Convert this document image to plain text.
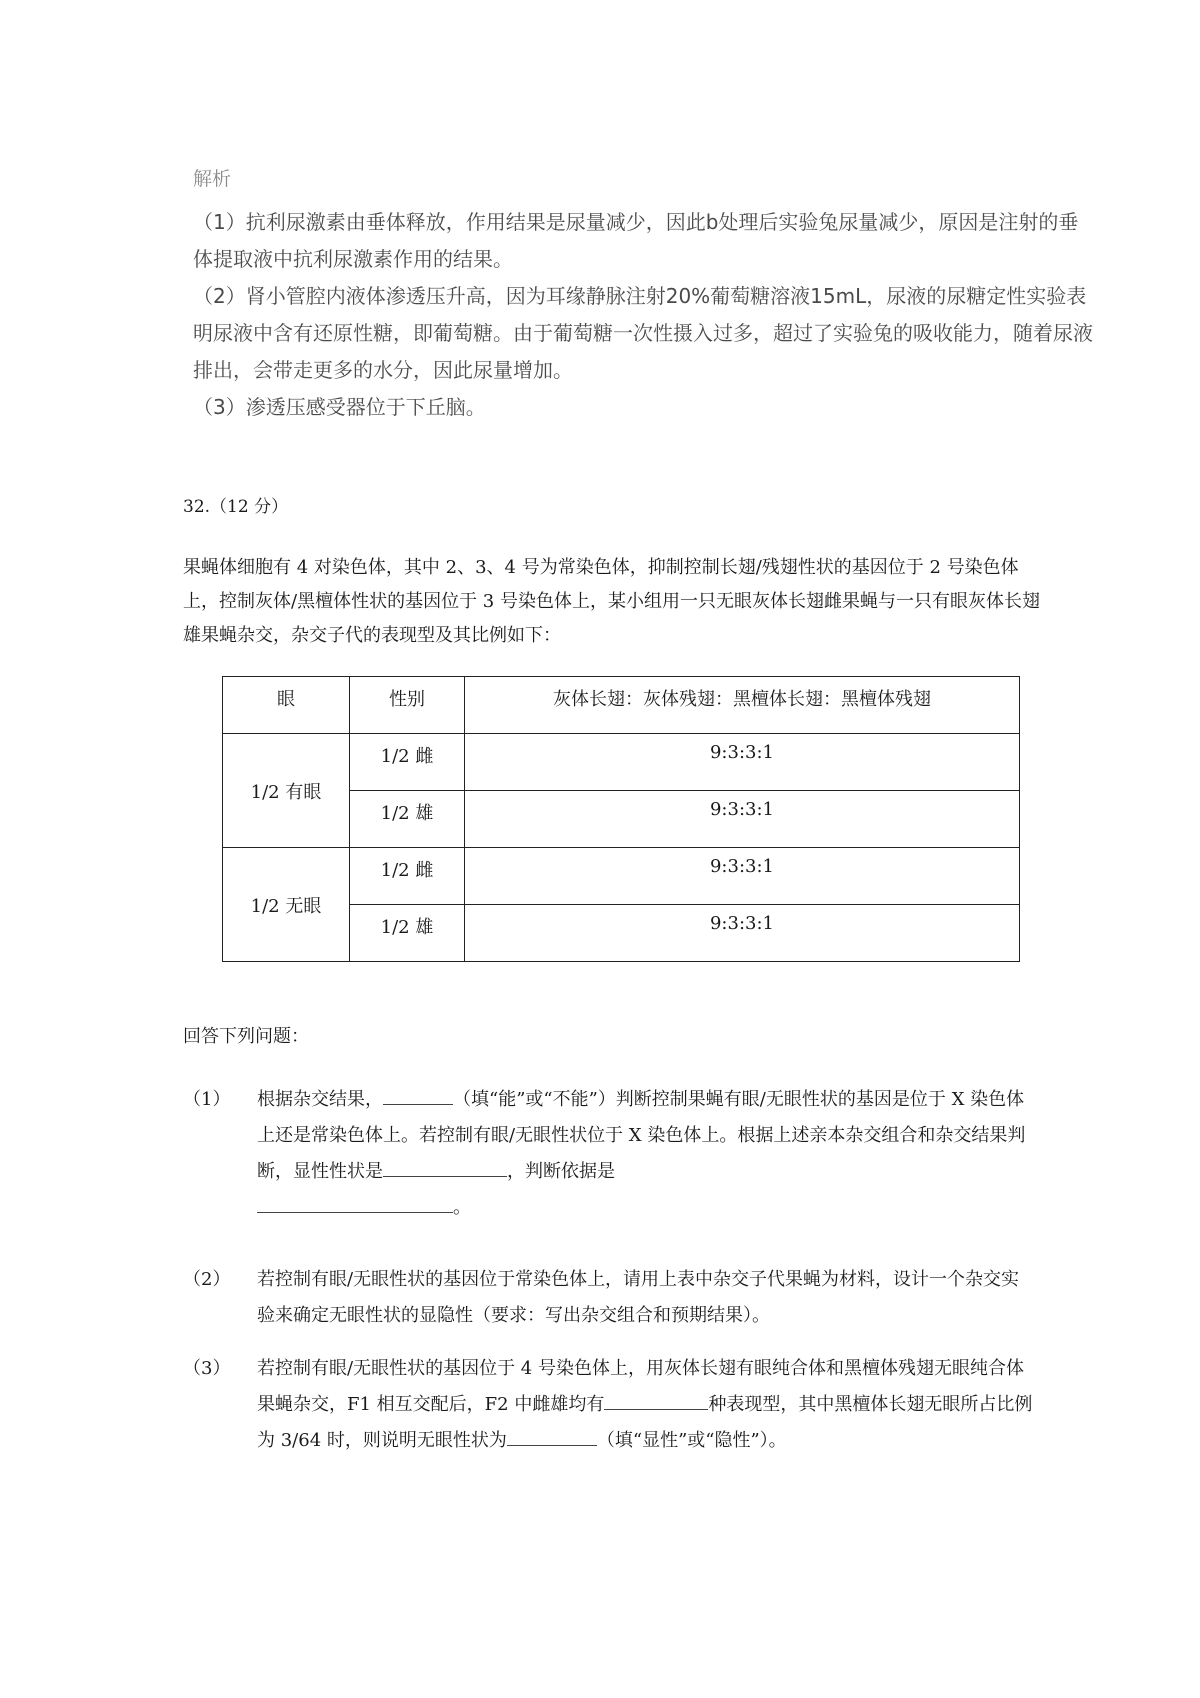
解析

（1）抗利尿激素由垂体释放，作用结果是尿量减少，因此b处理后实验兔尿量减少，原因是注射的垂体提取液中抗利尿激素作用的结果。

（2）肾小管腔内液体渗透压升高，因为耳缘静脉注射20%葡萄糖溶液15mL，尿液的尿糖定性实验表明尿液中含有还原性糖，即葡萄糖。由于葡萄糖一次性摄入过多，超过了实验兔的吸收能力，随着尿液排出，会带走更多的水分，因此尿量增加。

（3）渗透压感受器位于下丘脑。

32.（12 分）

果蝇体细胞有 4 对染色体，其中 2、3、4 号为常染色体，抑制控制长翅/残翅性状的基因位于 2 号染色体上，控制灰体/黑檀体性状的基因位于 3 号染色体上，某小组用一只无眼灰体长翅雌果蝇与一只有眼灰体长翅雄果蝇杂交，杂交子代的表现型及其比例如下：

眼	性别	灰体长翅：灰体残翅：黑檀体长翅：黑檀体残翅
1/2 有眼	1/2 雌	9:3:3:1
	1/2 雄	9:3:3:1
1/2 无眼	1/2 雌	9:3:3:1
	1/2 雄	9:3:3:1
回答下列问题：
（1）	根据杂交结果，	（填“能”或“不能”）判断控制果蝇有眼/无眼性状的基因是位于 X 染色体上还是常染色体上。若控制有眼/无眼性状位于 X 染色体上。根据上述亲本杂交组合和杂交结果判断，显性性状是	，判断依据是
。
（2）	若控制有眼/无眼性状的基因位于常染色体上，请用上表中杂交子代果蝇为材料，设计一个杂交实验来确定无眼性状的显隐性（要求：写出杂交组合和预期结果）。
（3）	若控制有眼/无眼性状的基因位于 4 号染色体上，用灰体长翅有眼纯合体和黑檀体残翅无眼纯合体果蝇杂交，F1 相互交配后，F2 中雌雄均有	种表现型，其中黑檀体长翅无眼所占比例为 3/64 时，则说明无眼性状为	（填“显性”或“隐性”）。
